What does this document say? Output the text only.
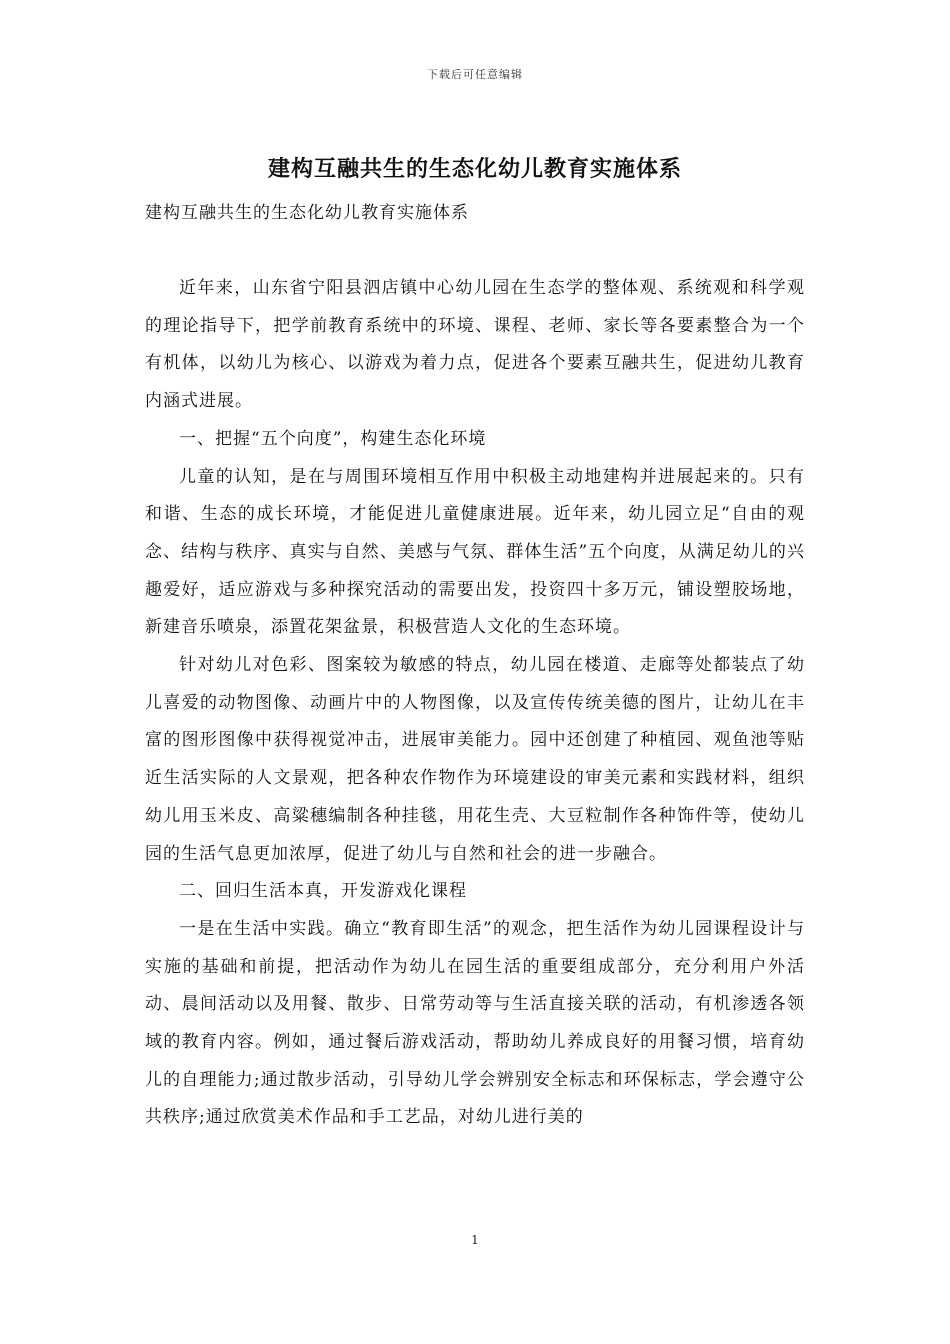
下载后可任意编辑
建构互融共生的生态化幼儿教育实施体系
建构互融共生的生态化幼儿教育实施体系

近年来，山东省宁阳县泗店镇中心幼儿园在生态学的整体观、系统观和科学观的理论指导下，把学前教育系统中的环境、课程、老师、家长等各要素整合为一个有机体，以幼儿为核心、以游戏为着力点，促进各个要素互融共生，促进幼儿教育内涵式进展。

一、把握“五个向度”，构建生态化环境

儿童的认知，是在与周围环境相互作用中积极主动地建构并进展起来的。只有和谐、生态的成长环境，才能促进儿童健康进展。近年来，幼儿园立足“自由的观念、结构与秩序、真实与自然、美感与气氛、群体生活”五个向度，从满足幼儿的兴趣爱好，适应游戏与多种探究活动的需要出发，投资四十多万元，铺设塑胶场地，新建音乐喷泉，添置花架盆景，积极营造人文化的生态环境。

针对幼儿对色彩、图案较为敏感的特点，幼儿园在楼道、走廊等处都装点了幼儿喜爱的动物图像、动画片中的人物图像，以及宣传传统美德的图片，让幼儿在丰富的图形图像中获得视觉冲击，进展审美能力。园中还创建了种植园、观鱼池等贴近生活实际的人文景观，把各种农作物作为环境建设的审美元素和实践材料，组织幼儿用玉米皮、高粱穗编制各种挂毯，用花生壳、大豆粒制作各种饰件等，使幼儿园的生活气息更加浓厚，促进了幼儿与自然和社会的进一步融合。

二、回归生活本真，开发游戏化课程

一是在生活中实践。确立“教育即生活”的观念，把生活作为幼儿园课程设计与实施的基础和前提，把活动作为幼儿在园生活的重要组成部分，充分利用户外活动、晨间活动以及用餐、散步、日常劳动等与生活直接关联的活动，有机渗透各领域的教育内容。例如，通过餐后游戏活动，帮助幼儿养成良好的用餐习惯，培育幼儿的自理能力;通过散步活动，引导幼儿学会辨别安全标志和环保标志，学会遵守公共秩序;通过欣赏美术作品和手工艺品，对幼儿进行美的

1
